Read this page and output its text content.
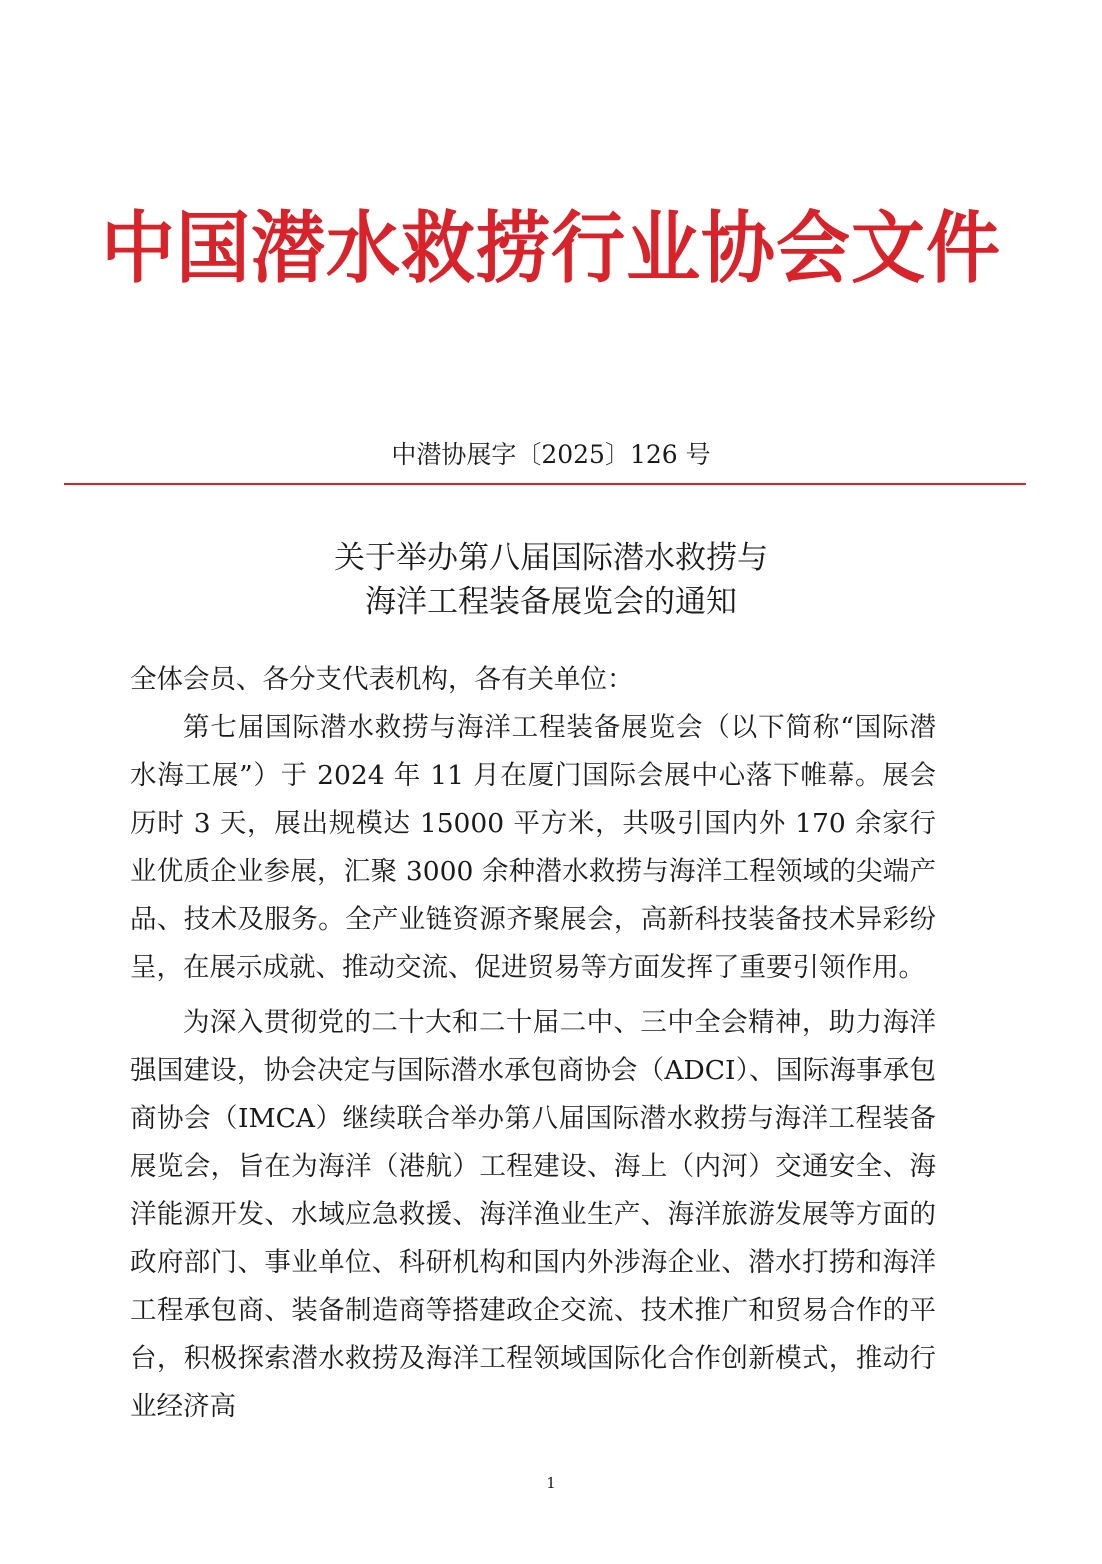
中国潜水救捞行业协会文件
中潜协展字〔2025〕126 号
关于举办第八届国际潜水救捞与
海洋工程装备展览会的通知

全体会员、各分支代表机构，各有关单位：

第七届国际潜水救捞与海洋工程装备展览会（以下简称“国际潜水海工展”）于 2024 年 11 月在厦门国际会展中心落下帷幕。展会历时 3 天，展出规模达 15000 平方米，共吸引国内外 170 余家行业优质企业参展，汇聚 3000 余种潜水救捞与海洋工程领域的尖端产品、技术及服务。全产业链资源齐聚展会，高新科技装备技术异彩纷呈，在展示成就、推动交流、促进贸易等方面发挥了重要引领作用。

为深入贯彻党的二十大和二十届二中、三中全会精神，助力海洋强国建设，协会决定与国际潜水承包商协会（ADCI）、国际海事承包商协会（IMCA）继续联合举办第八届国际潜水救捞与海洋工程装备展览会，旨在为海洋（港航）工程建设、海上（内河）交通安全、海洋能源开发、水域应急救援、海洋渔业生产、海洋旅游发展等方面的政府部门、事业单位、科研机构和国内外涉海企业、潜水打捞和海洋工程承包商、装备制造商等搭建政企交流、技术推广和贸易合作的平台，积极探索潜水救捞及海洋工程领域国际化合作创新模式，推动行业经济高

1
